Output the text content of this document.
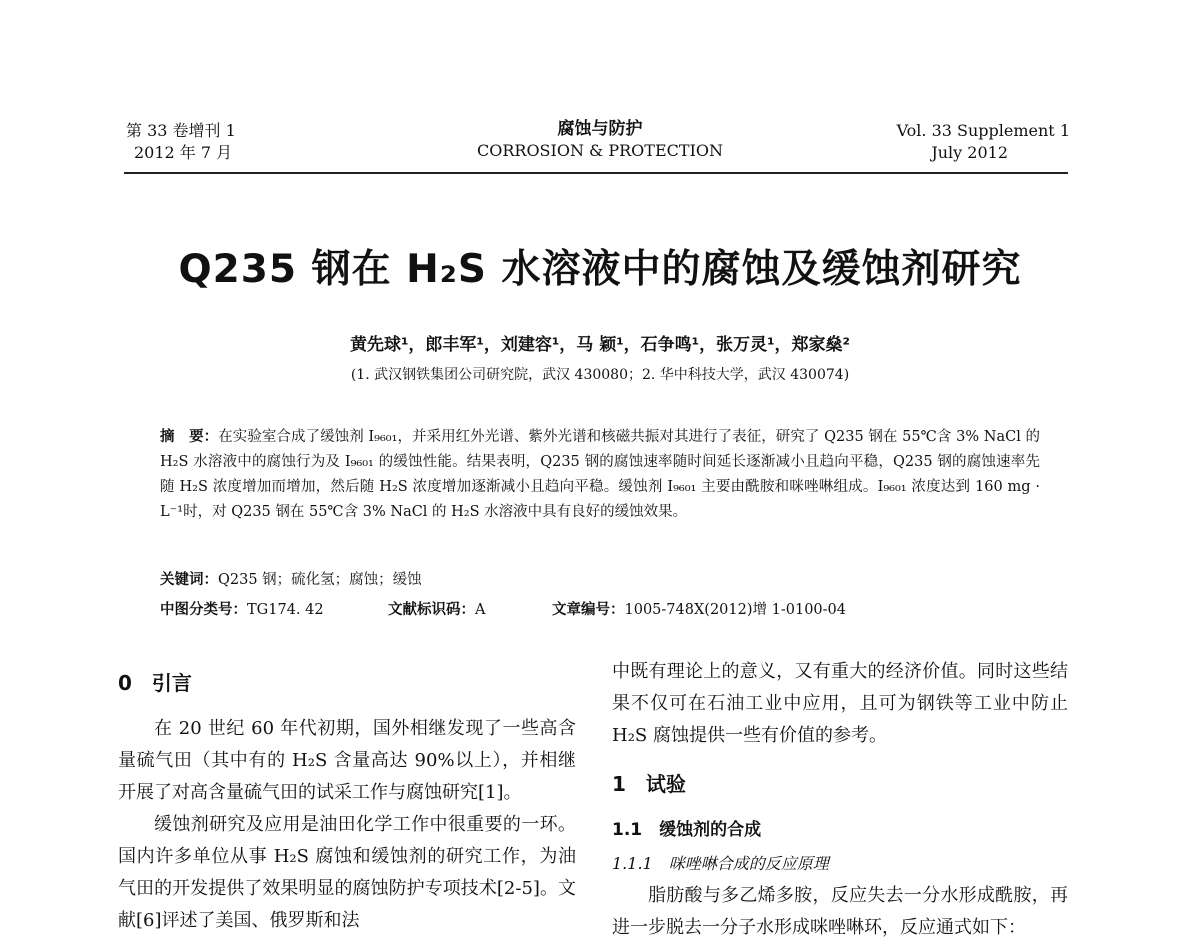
第 33 卷增刊 1
2012 年 7 月
腐蚀与防护
CORROSION & PROTECTION
Vol. 33 Supplement 1
July 2012
Q235 钢在 H₂S 水溶液中的腐蚀及缓蚀剂研究
黄先球¹，郎丰军¹，刘建容¹，马 颖¹，石争鸣¹，张万灵¹，郑家燊²
(1. 武汉钢铁集团公司研究院，武汉 430080；2. 华中科技大学，武汉 430074)
摘　要：在实验室合成了缓蚀剂 I₉₆₀₁，并采用红外光谱、紫外光谱和核磁共振对其进行了表征，研究了 Q235 钢在 55℃含 3% NaCl 的 H₂S 水溶液中的腐蚀行为及 I₉₆₀₁ 的缓蚀性能。结果表明，Q235 钢的腐蚀速率随时间延长逐渐减小且趋向平稳，Q235 钢的腐蚀速率先随 H₂S 浓度增加而增加，然后随 H₂S 浓度增加逐渐减小且趋向平稳。缓蚀剂 I₉₆₀₁ 主要由酰胺和咪唑啉组成。I₉₆₀₁ 浓度达到 160 mg · L⁻¹时，对 Q235 钢在 55℃含 3% NaCl 的 H₂S 水溶液中具有良好的缓蚀效果。
关键词：Q235 钢；硫化氢；腐蚀；缓蚀
中图分类号：TG174. 42	文献标识码：A	文章编号：1005-748X(2012)增 1-0100-04
0　引言

在 20 世纪 60 年代初期，国外相继发现了一些高含量硫气田（其中有的 H₂S 含量高达 90%以上），并相继开展了对高含量硫气田的试采工作与腐蚀研究[1]。

缓蚀剂研究及应用是油田化学工作中很重要的一环。国内许多单位从事 H₂S 腐蚀和缓蚀剂的研究工作，为油气田的开发提供了效果明显的腐蚀防护专项技术[2-5]。文献[6]评述了美国、俄罗斯和法

中既有理论上的意义，又有重大的经济价值。同时这些结果不仅可在石油工业中应用，且可为钢铁等工业中防止 H₂S 腐蚀提供一些有价值的参考。

1　试验
1.1　缓蚀剂的合成
1.1.1　咪唑啉合成的反应原理

脂肪酸与多乙烯多胺，反应失去一分水形成酰胺，再进一步脱去一分子水形成咪唑啉环，反应通式如下：
